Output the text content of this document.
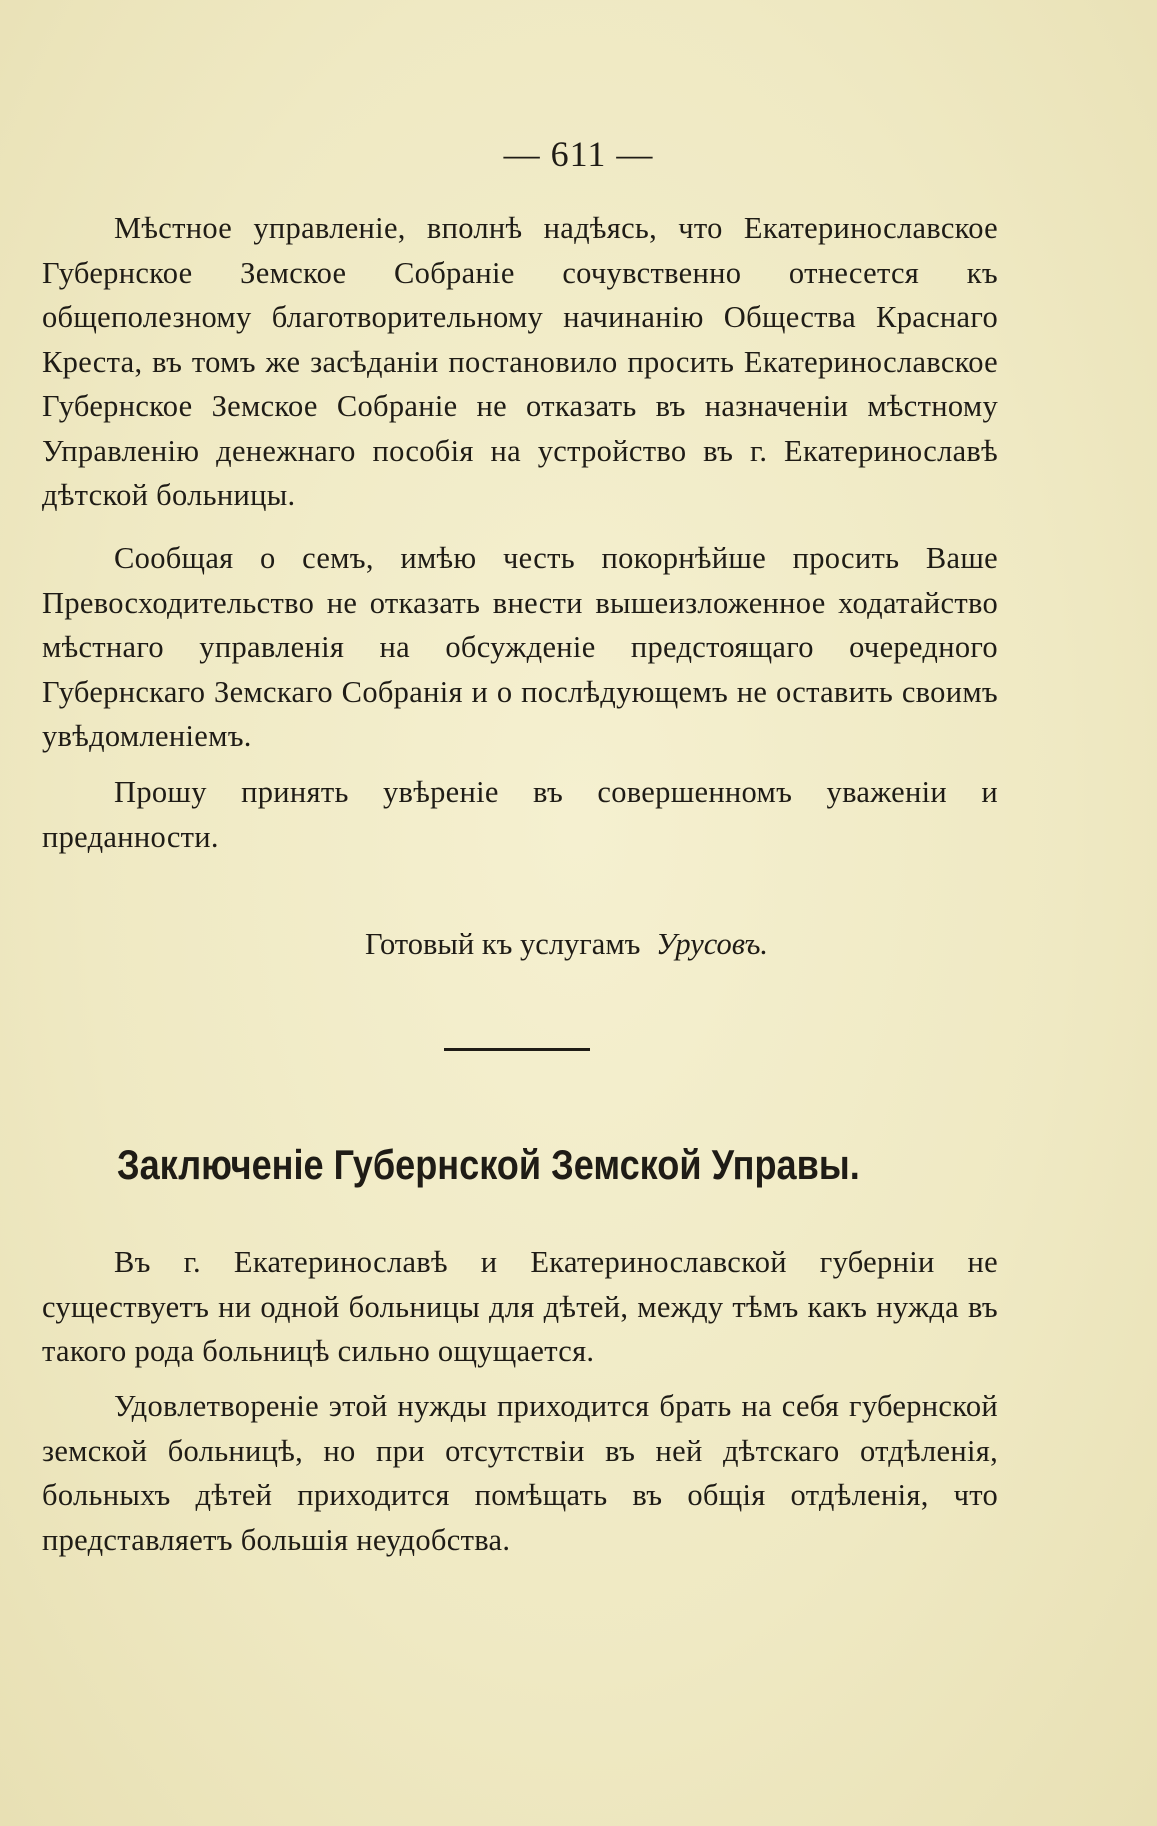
— 611 —

Мѣстное управленіе, вполнѣ надѣясь, что Екатеринославское Губернское Земское Собраніе сочувственно отнесется къ общеполезному благотворительному начинанію Общества Краснаго Креста, въ томъ же засѣданіи постановило просить Екатеринославское Губернское Земское Собраніе не отказать въ назначеніи мѣстному Управленію денежнаго пособія на устройство въ г. Екатеринославѣ дѣтской больницы.

Сообщая о семъ, имѣю честь покорнѣйше просить Ваше Превосходительство не отказать внести вышеизложенное ходатайство мѣстнаго управленія на обсужденіе предстоящаго очередного Губернскаго Земскаго Собранія и о послѣдующемъ не оставить своимъ увѣдомленіемъ.

Прошу принять увѣреніе въ совершенномъ уваженіи и преданности.

Готовый къ услугамъ Урусовъ.
Заключеніе Губернской Земской Управы.

Въ г. Екатеринославѣ и Екатеринославской губерніи не существуетъ ни одной больницы для дѣтей, между тѣмъ какъ нужда въ такого рода больницѣ сильно ощущается.

Удовлетвореніе этой нужды приходится брать на себя губернской земской больницѣ, но при отсутствіи въ ней дѣтскаго отдѣленія, больныхъ дѣтей приходится помѣщать въ общія отдѣленія, что представляетъ большія неудобства.
